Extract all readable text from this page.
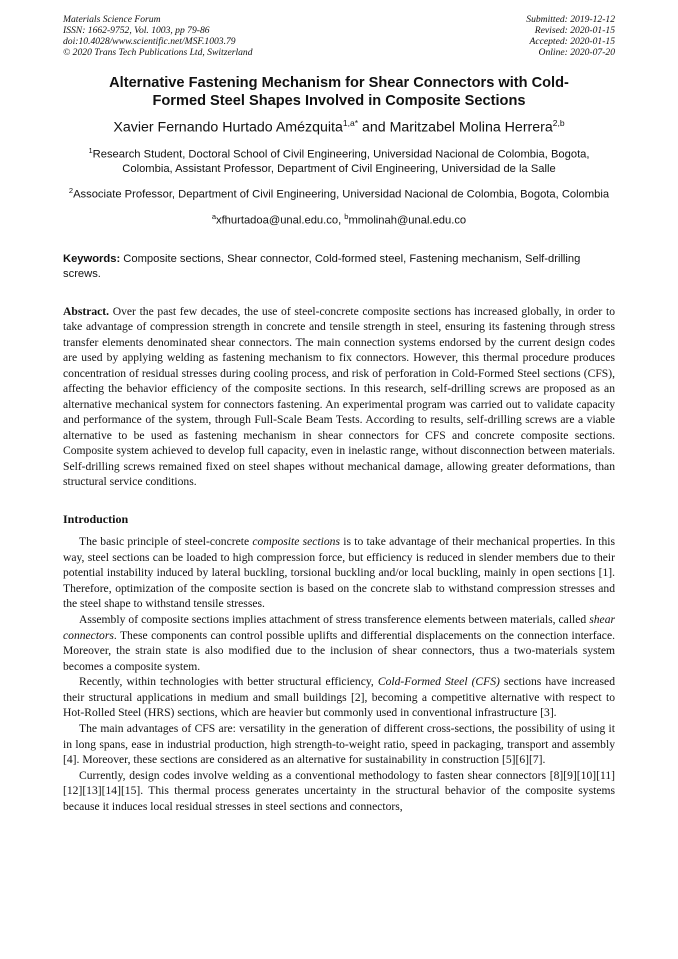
Materials Science Forum
ISSN: 1662-9752, Vol. 1003, pp 79-86
doi:10.4028/www.scientific.net/MSF.1003.79
© 2020 Trans Tech Publications Ltd, Switzerland
Submitted: 2019-12-12
Revised: 2020-01-15
Accepted: 2020-01-15
Online: 2020-07-20
Alternative Fastening Mechanism for Shear Connectors with Cold-Formed Steel Shapes Involved in Composite Sections
Xavier Fernando Hurtado Amézquita$^{1,a*}$ and Maritzabel Molina Herrera$^{2,b}$
$^1$Research Student, Doctoral School of Civil Engineering, Universidad Nacional de Colombia, Bogota, Colombia, Assistant Professor, Department of Civil Engineering, Universidad de la Salle
$^2$Associate Professor, Department of Civil Engineering, Universidad Nacional de Colombia, Bogota, Colombia
$^a$xfhurtadoa@unal.edu.co, $^b$mmolinah@unal.edu.co
Keywords: Composite sections, Shear connector, Cold-formed steel, Fastening mechanism, Self-drilling screws.
Abstract. Over the past few decades, the use of steel-concrete composite sections has increased globally, in order to take advantage of compression strength in concrete and tensile strength in steel, ensuring its fastening through stress transfer elements denominated shear connectors. The main connection systems endorsed by the current design codes are used by applying welding as fastening mechanism to fix connectors. However, this thermal procedure produces concentration of residual stresses during cooling process, and risk of perforation in Cold-Formed Steel sections (CFS), affecting the behavior efficiency of the composite sections. In this research, self-drilling screws are proposed as an alternative mechanical system for connectors fastening. An experimental program was carried out to validate capacity and performance of the system, through Full-Scale Beam Tests. According to results, self-drilling screws are a viable alternative to be used as fastening mechanism in shear connectors for CFS and concrete composite sections. Composite system achieved to develop full capacity, even in inelastic range, without disconnection between materials. Self-drilling screws remained fixed on steel shapes without mechanical damage, allowing greater deformations, than structural service conditions.
Introduction

The basic principle of steel-concrete composite sections is to take advantage of their mechanical properties. In this way, steel sections can be loaded to high compression force, but efficiency is reduced in slender members due to their potential instability induced by lateral buckling, torsional buckling and/or local buckling, mainly in open sections [1]. Therefore, optimization of the composite section is based on the concrete slab to withstand compression stresses and the steel shape to withstand tensile stresses.

Assembly of composite sections implies attachment of stress transference elements between materials, called shear connectors. These components can control possible uplifts and differential displacements on the connection interface. Moreover, the strain state is also modified due to the inclusion of shear connectors, thus a two-materials system becomes a composite system.

Recently, within technologies with better structural efficiency, Cold-Formed Steel (CFS) sections have increased their structural applications in medium and small buildings [2], becoming a competitive alternative with respect to Hot-Rolled Steel (HRS) sections, which are heavier but commonly used in conventional infrastructure [3].

The main advantages of CFS are: versatility in the generation of different cross-sections, the possibility of using it in long spans, ease in industrial production, high strength-to-weight ratio, speed in packaging, transport and assembly [4]. Moreover, these sections are considered as an alternative for sustainability in construction [5][6][7].

Currently, design codes involve welding as a conventional methodology to fasten shear connectors [8][9][10][11][12][13][14][15]. This thermal process generates uncertainty in the structural behavior of the composite systems because it induces local residual stresses in steel sections and connectors,
